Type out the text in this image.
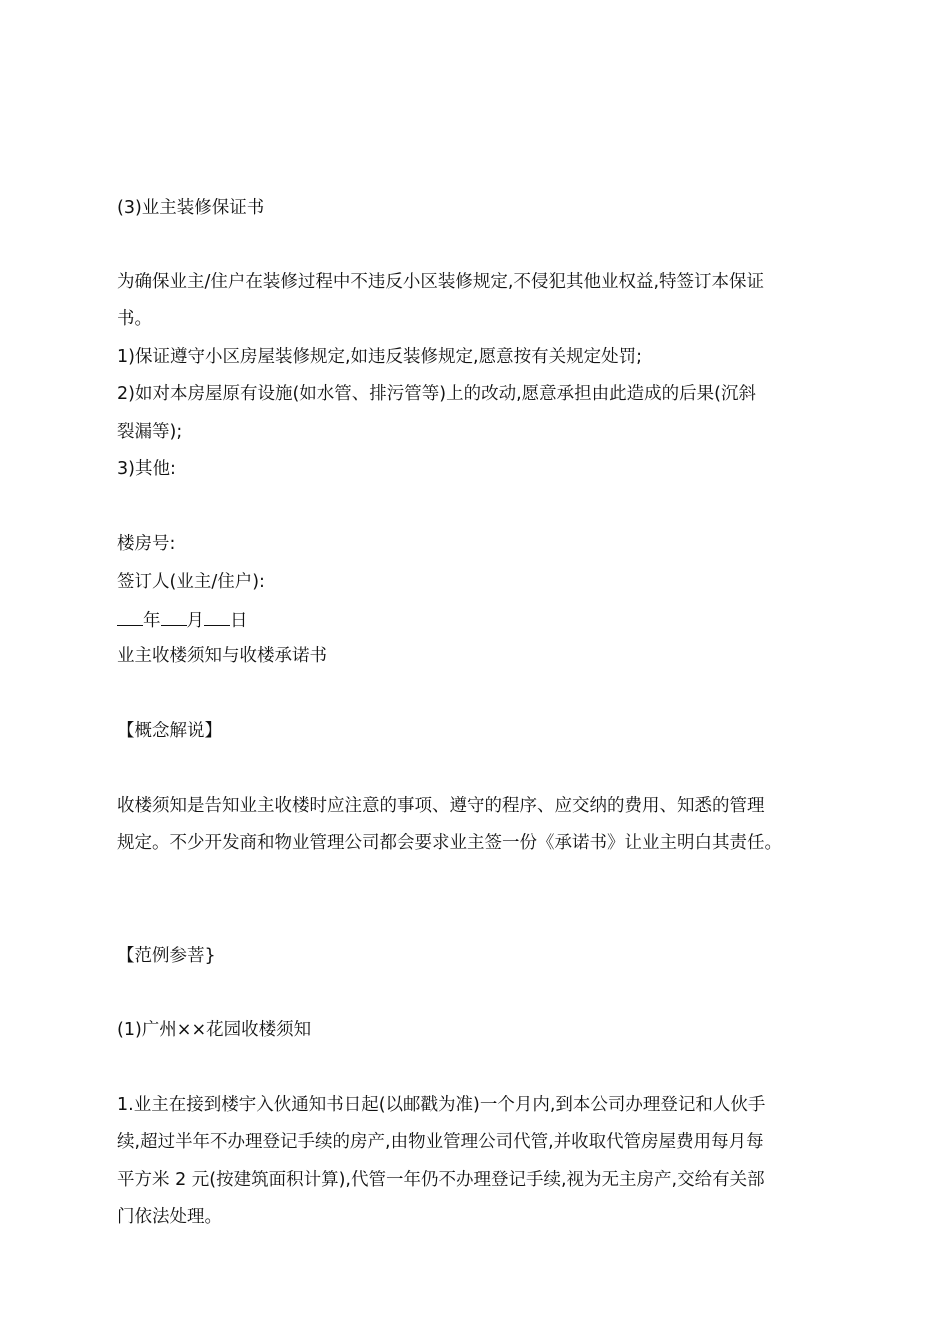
(3)业主装修保证书
为确保业主/住户在装修过程中不违反小区装修规定,不侵犯其他业权益,特签订本保证
书。
1)保证遵守小区房屋装修规定,如违反装修规定,愿意按有关规定处罚;
2)如对本房屋原有设施(如水管、排污管等)上的改动,愿意承担由此造成的后果(沉斜
裂漏等);
3)其他:
楼房号:
签订人(业主/住户):
年 月 日
业主收楼须知与收楼承诺书
【概念解说】
收楼须知是告知业主收楼时应注意的事项、遵守的程序、应交纳的费用、知悉的管理
规定。不少开发商和物业管理公司都会要求业主签一份《承诺书》让业主明白其责任。
【范例参菩}
(1)广州××花园收楼须知
1.业主在接到楼宇入伙通知书日起(以邮戳为准)一个月内,到本公司办理登记和人伙手
续,超过半年不办理登记手续的房产,由物业管理公司代管,并收取代管房屋费用每月每
平方米 2 元(按建筑面积计算),代管一年仍不办理登记手续,视为无主房产,交给有关部
门依法处理。
